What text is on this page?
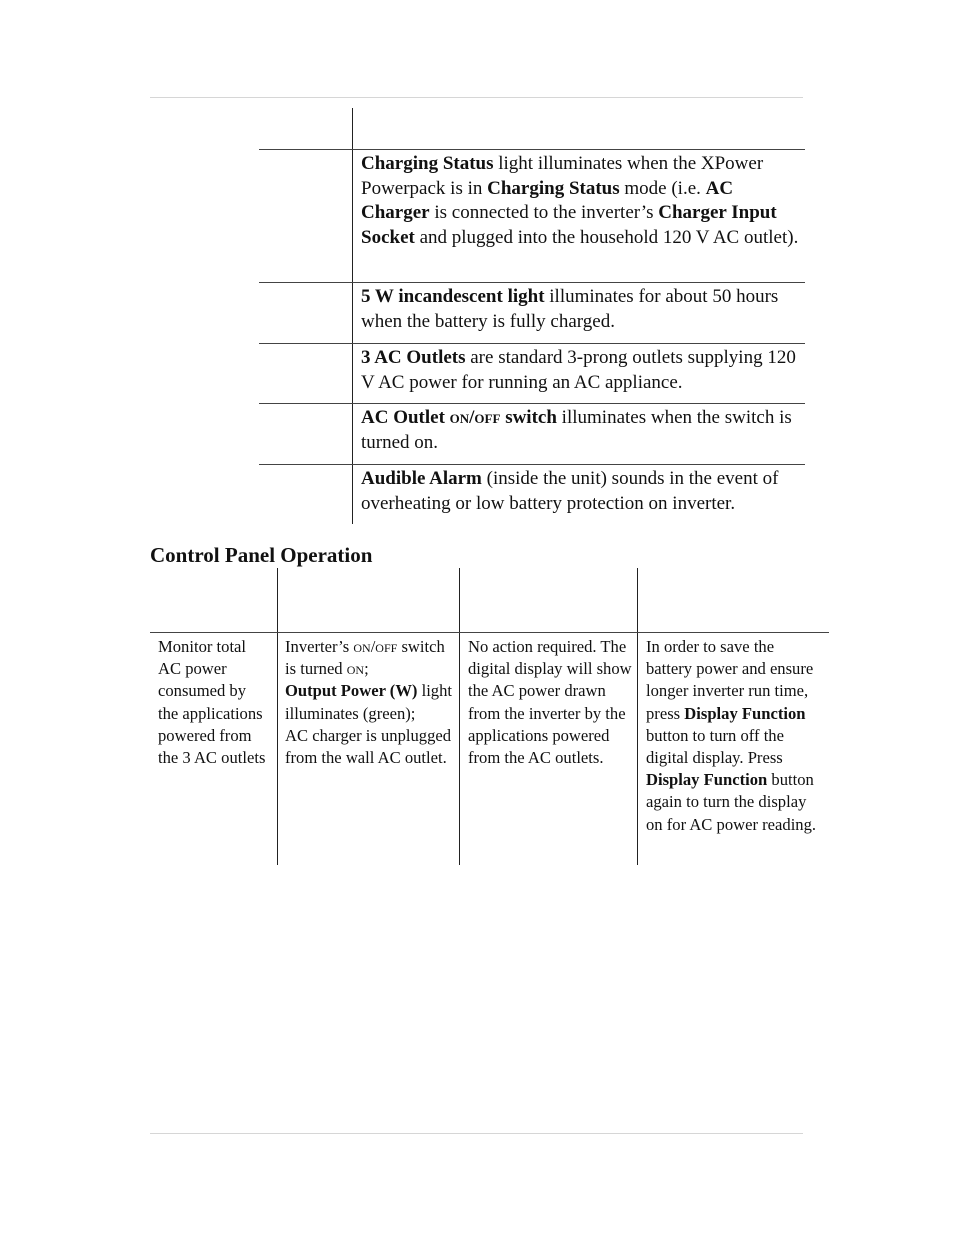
Charging Status light illuminates when the XPower Powerpack is in Charging Status mode (i.e. AC Charger is connected to the inverter’s Charger Input Socket and plugged into the household 120 V AC outlet).

5 W incandescent light illuminates for about 50 hours when the battery is fully charged.

3 AC Outlets are standard 3-prong outlets supplying 120 V AC power for running an AC appliance.

AC Outlet on/off switch illuminates when the switch is turned on.

Audible Alarm (inside the unit) sounds in the event of overheating or low battery protection on inverter.

Control Panel Operation

Monitor total AC power consumed by the applications powered from the 3 AC outlets

Inverter’s on/off switch is turned on;
Output Power (W) light illuminates (green);
AC charger is unplugged from the wall AC outlet.

No action required. The digital display will show the AC power drawn from the inverter by the applications powered from the AC outlets.

In order to save the battery power and ensure longer inverter run time, press Display Function button to turn off the digital display. Press Display Function button again to turn the display on for AC power reading.
